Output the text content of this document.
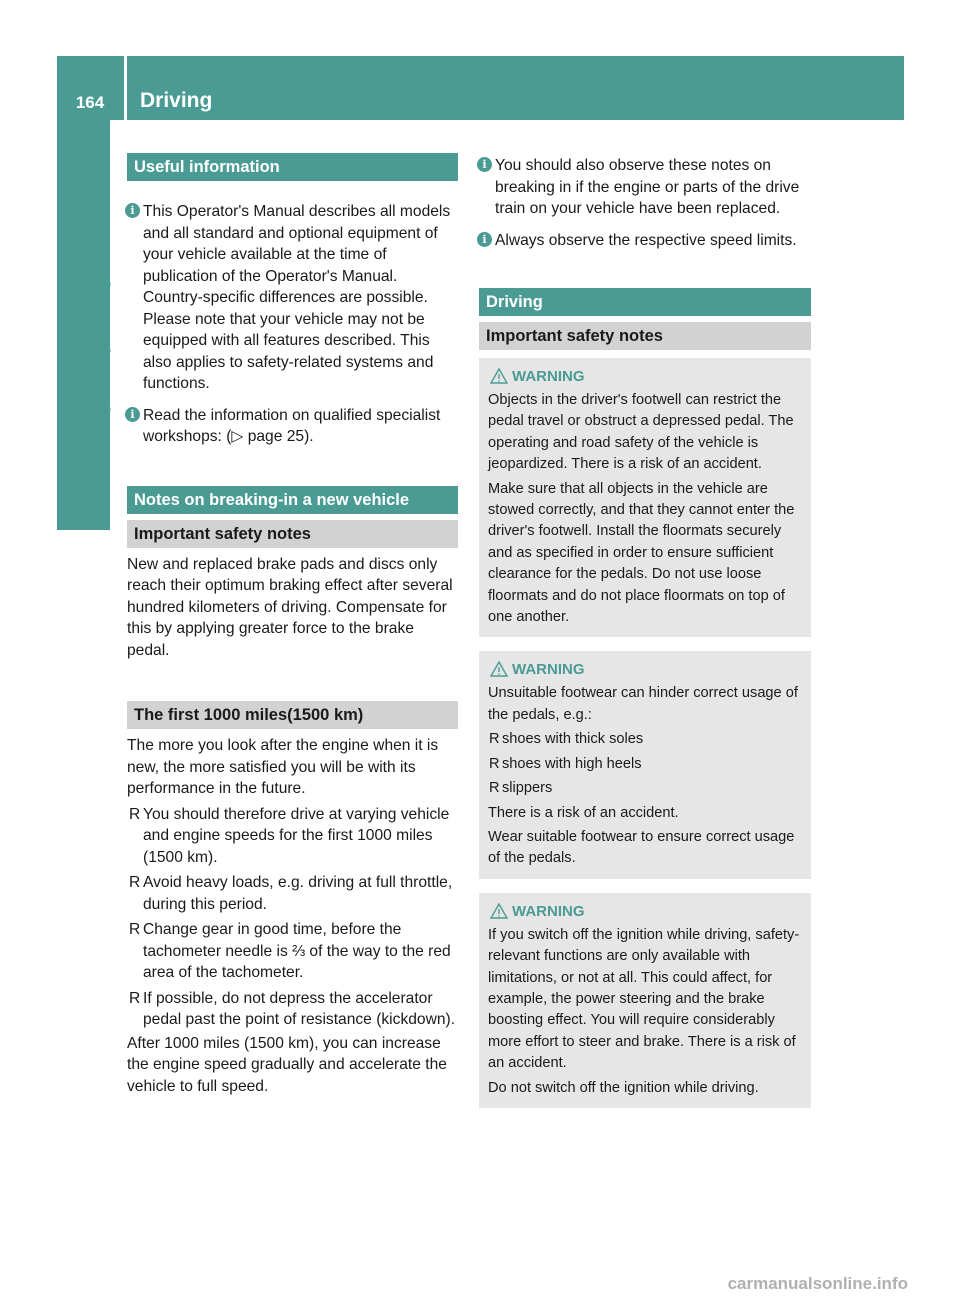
164	Driving
Driving and parking
Useful information
i This Operator's Manual describes all models and all standard and optional equipment of your vehicle available at the time of publication of the Operator's Manual. Country-specific differences are possible. Please note that your vehicle may not be equipped with all features described. This also applies to safety-related systems and functions.
i Read the information on qualified specialist workshops: (▷ page 25).
Notes on breaking-in a new vehicle
Important safety notes

New and replaced brake pads and discs only reach their optimum braking effect after several hundred kilometers of driving. Compensate for this by applying greater force to the brake pedal.

The first 1000 miles(1500 km)

The more you look after the engine when it is new, the more satisfied you will be with its performance in the future.

R You should therefore drive at varying vehicle and engine speeds for the first 1000 miles (1500 km).
R Avoid heavy loads, e.g. driving at full throttle, during this period.
R Change gear in good time, before the tachometer needle is ⅔ of the way to the red area of the tachometer.
R If possible, do not depress the accelerator pedal past the point of resistance (kickdown).

After 1000 miles (1500 km), you can increase the engine speed gradually and accelerate the vehicle to full speed.

i You should also observe these notes on breaking in if the engine or parts of the drive train on your vehicle have been replaced.
i Always observe the respective speed limits.
Driving
Important safety notes
WARNING

Objects in the driver's footwell can restrict the pedal travel or obstruct a depressed pedal. The operating and road safety of the vehicle is jeopardized. There is a risk of an accident.

Make sure that all objects in the vehicle are stowed correctly, and that they cannot enter the driver's footwell. Install the floormats securely and as specified in order to ensure sufficient clearance for the pedals. Do not use loose floormats and do not place floormats on top of one another.

WARNING

Unsuitable footwear can hinder correct usage of the pedals, e.g.:

R shoes with thick soles
R shoes with high heels
R slippers

There is a risk of an accident.

Wear suitable footwear to ensure correct usage of the pedals.

WARNING

If you switch off the ignition while driving, safety-relevant functions are only available with limitations, or not at all. This could affect, for example, the power steering and the brake boosting effect. You will require considerably more effort to steer and brake. There is a risk of an accident.

Do not switch off the ignition while driving.

carmanualsonline.info
